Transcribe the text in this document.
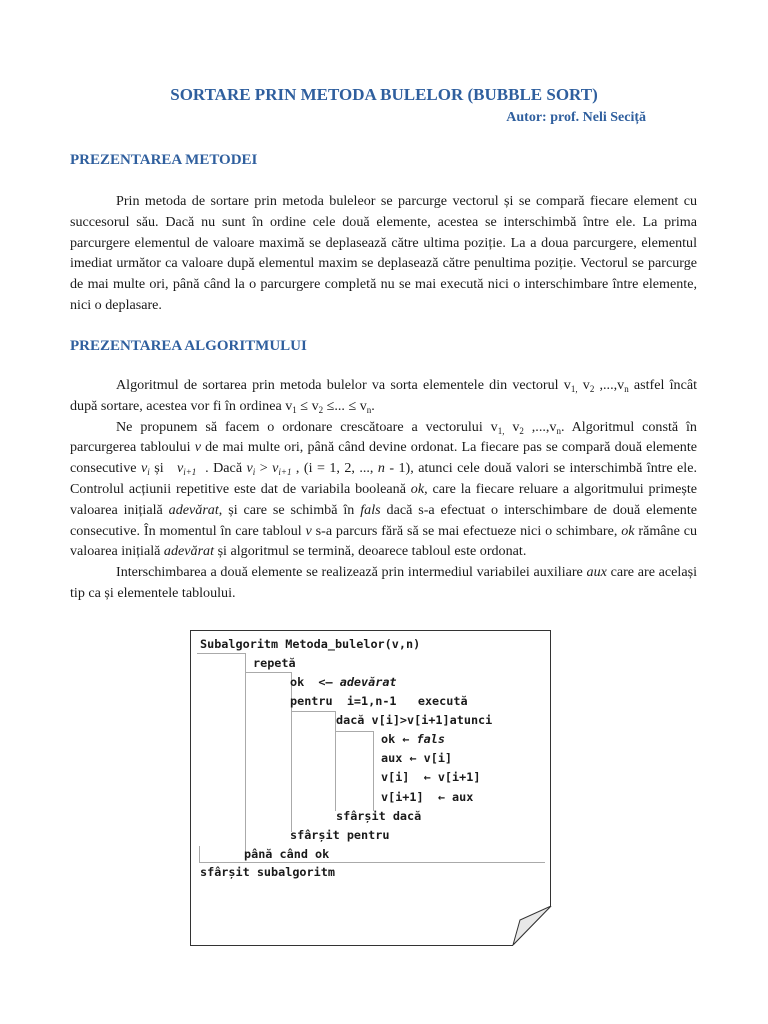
SORTARE PRIN METODA BULELOR (BUBBLE SORT)
Autor: prof. Neli Seciță
PREZENTAREA METODEI

Prin metoda de sortare prin metoda buleleor se parcurge vectorul și se compară fiecare element cu succesorul său. Dacă nu sunt în ordine cele două elemente, acestea se interschimbă între ele. La prima parcurgere elementul de valoare maximă se deplasează către ultima poziție. La a doua parcurgere, elementul imediat următor ca valoare după elementul maxim se deplasează către penultima poziție. Vectorul se parcurge de mai multe ori, până când la o parcurgere completă nu se mai execută nici o interschimbare între elemente, nici o deplasare.

PREZENTAREA ALGORITMULUI

Algoritmul de sortarea prin metoda bulelor va sorta elementele din vectorul $v_{1,}$ $v_2$ $,...,v_n$ astfel încât după sortare, acestea vor fi în ordinea $v_1 \le v_2$ ≤... ≤ $v_n$.
Ne propunem să facem o ordonare crescătoare a vectorului $v_{1,}$ $v_2$ $,...,v_n$. Algoritmul constă în parcurgerea tabloului v de mai multe ori, până când devine ordonat. La fiecare pas se compară două elemente consecutive $v_i$ și   $v_{i+1}$  . Dacă $v_i > v_{i+1}$ , (i = 1, 2, ..., n - 1), atunci cele două valori se interschimbă între ele. Controlul acțiunii repetitive este dat de variabila booleană ok, care la fiecare reluare a algoritmului primește valoarea inițială adevărat, și care se schimbă în fals dacă s-a efectuat o interschimbare de două elemente consecutive. În momentul în care tabloul v s-a parcurs fără să se mai efectueze nici o schimbare, ok rămâne cu valoarea inițială adevărat și algoritmul se termină, deoarece tabloul este ordonat.
Interschimbarea a două elemente se realizează prin intermediul variabilei auxiliare aux care are același tip ca și elementele tabloului.

Subalgoritm Metoda_bulelor(v,n)
repetă
ok  <— adevărat
pentru  i=1,n-1   execută
dacă v[i]>v[i+1]atunci
ok ← fals
aux ← v[i]
v[i]  ← v[i+1]
v[i+1]  ← aux
sfârșit dacă
sfârșit pentru
până când ok
sfârșit subalgoritm
